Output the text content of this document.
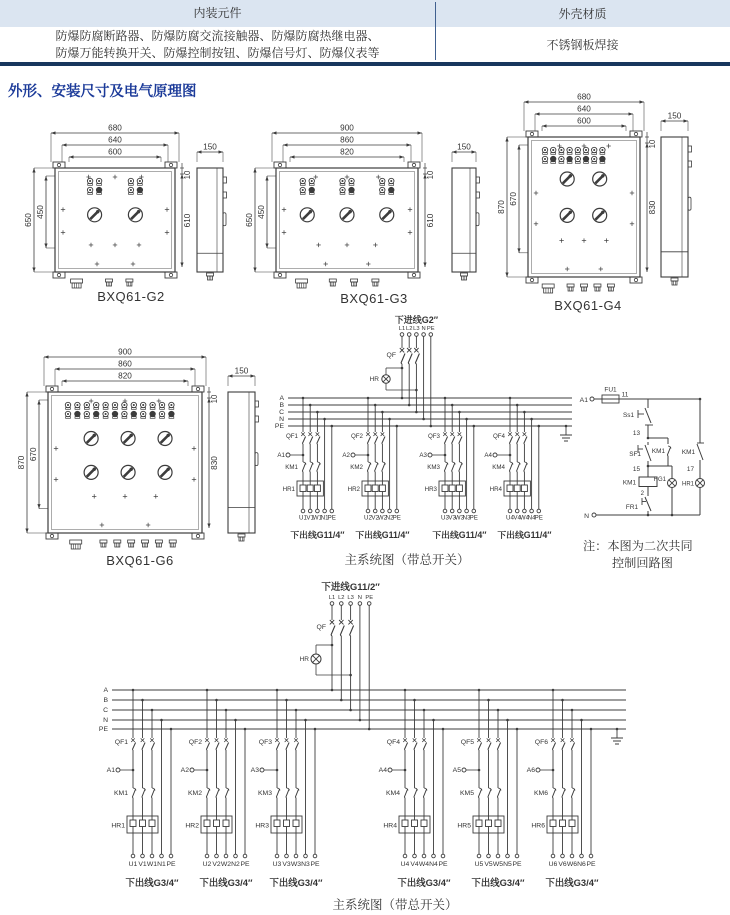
内装元件	外壳材质
防爆防腐断路器、防爆防腐交流接触器、防爆防腐热继电器、
防爆万能转换开关、防爆控制按钮、防爆信号灯、防爆仪表等
不锈钢板焊接
外形、安装尺寸及电气原理图
680
640
600
650
450
10
610
150
900
860
820
650
450
10
610
150
680
640
600
870
670
10
830
150
900
860
820
870
670
10
830
150
下进线G2″
L1 L2 L3 N PE
QF
HR
A
B
C
N
PE
QF1
A1
KM1
HR1
U1 V1
W1
N1 PE
下出线G11/4″
QF2
A2
KM2
HR2
U2 V2
W2
N2 PE
下出线G11/4″
QF3
A3
KM3
HR3
U3 V3
W3
N3 PE
下出线G11/4″
QF4
A4
KM4
HR4
U4 V4
W4
N4 PE
下出线G11/4″
下进线G11/2″
L1 L2 L3 N PE
QF
HR
A
B
C
N
PE
QF1
A1
KM1
HR1
U1 V1 W1 N1 PE
下出线G3/4″
QF2
A2
KM2
HR2
U2 V2 W2 N2 PE
下出线G3/4″
QF3
A3
KM3
HR3
U3 V3 W3 N3 PE
下出线G3/4″
QF4
A4
KM4
HR4
U4 V4 W4 N4 PE
下出线G3/4″
QF5
A5
KM5
HR5
U5 V5 W5 N5 PE
下出线G3/4″
QF6
A6
KM6
HR6
U6 V6 W6 N6 PE
下出线G3/4″
A1
FU1
11
Ss1
13
SF1 KM1
15
KM1
2
FR1
HG1
KM1
17
HR1
N
BXQ61-G2	BXQ61-G3	BXQ61-G4
BXQ61-G6	主系统图（带总开关）
主系统图（带总开关）
注：本图为二次共同
控制回路图
